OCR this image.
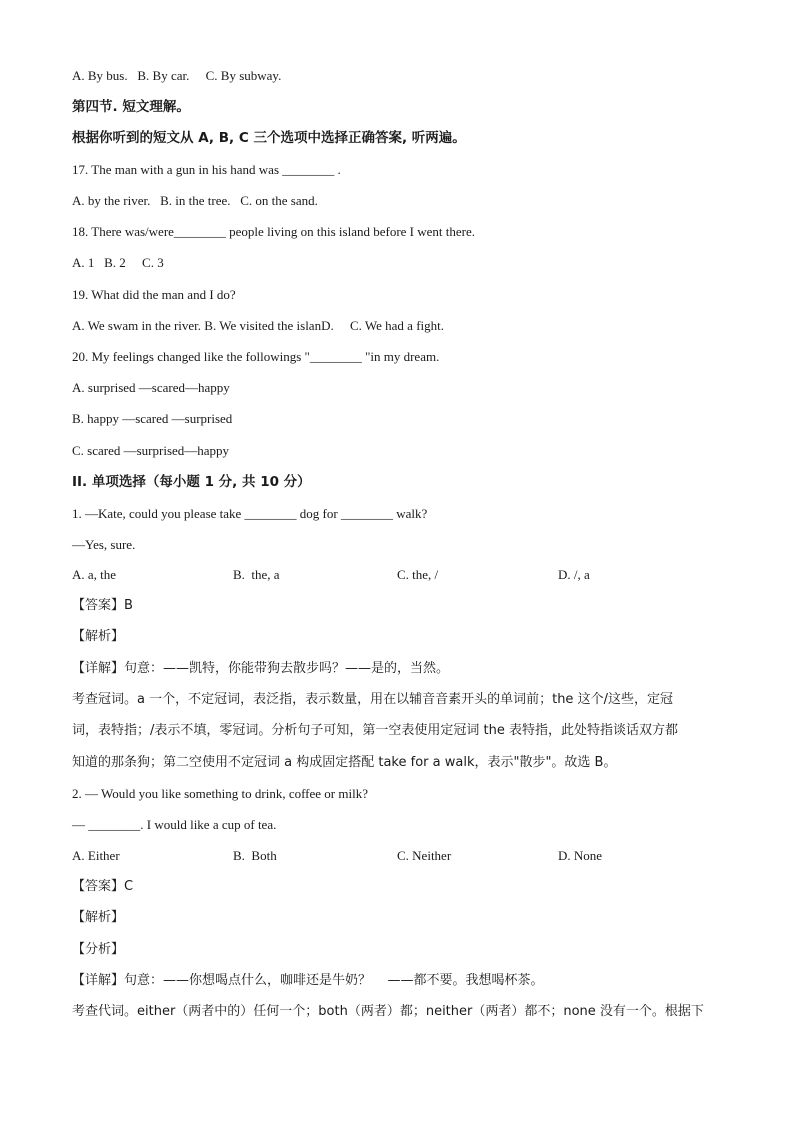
A. By bus.   B. By car.     C. By subway.
第四节. 短文理解。
根据你听到的短文从 A, B, C 三个选项中选择正确答案, 听两遍。
17. The man with a gun in his hand was ________ .
A. by the river.   B. in the tree.   C. on the sand.
18. There was/were________ people living on this island before I went there.
A. 1   B. 2     C. 3
19. What did the man and I do?
A. We swam in the river. B. We visited the islanD.     C. We had a fight.
20. My feelings changed like the followings "________ "in my dream.
A. surprised —scared—happy
B. happy —scared —surprised
C. scared —surprised—happy
II. 单项选择（每小题 1 分, 共 10 分）
1. —Kate, could you please take ________ dog for ________ walk?
—Yes, sure.
A. a, the	B.  the, a	C. the, /	D. /, a
【答案】B
【解析】
【详解】句意：——凯特，你能带狗去散步吗？——是的，当然。
考查冠词。a 一个，不定冠词，表泛指，表示数量，用在以辅音音素开头的单词前；the 这个/这些，定冠
词，表特指；/表示不填，零冠词。分析句子可知，第一空表使用定冠词 the 表特指，此处特指谈话双方都
知道的那条狗；第二空使用不定冠词 a 构成固定搭配 take for a walk，表示"散步"。故选 B。
2. — Would you like something to drink, coffee or milk?
— ________. I would like a cup of tea.
A. Either	B.  Both	C. Neither	D. None
【答案】C
【解析】
【分析】
【详解】句意：——你想喝点什么，咖啡还是牛奶？    ——都不要。我想喝杯茶。
考查代词。either（两者中的）任何一个；both（两者）都；neither（两者）都不；none 没有一个。根据下
